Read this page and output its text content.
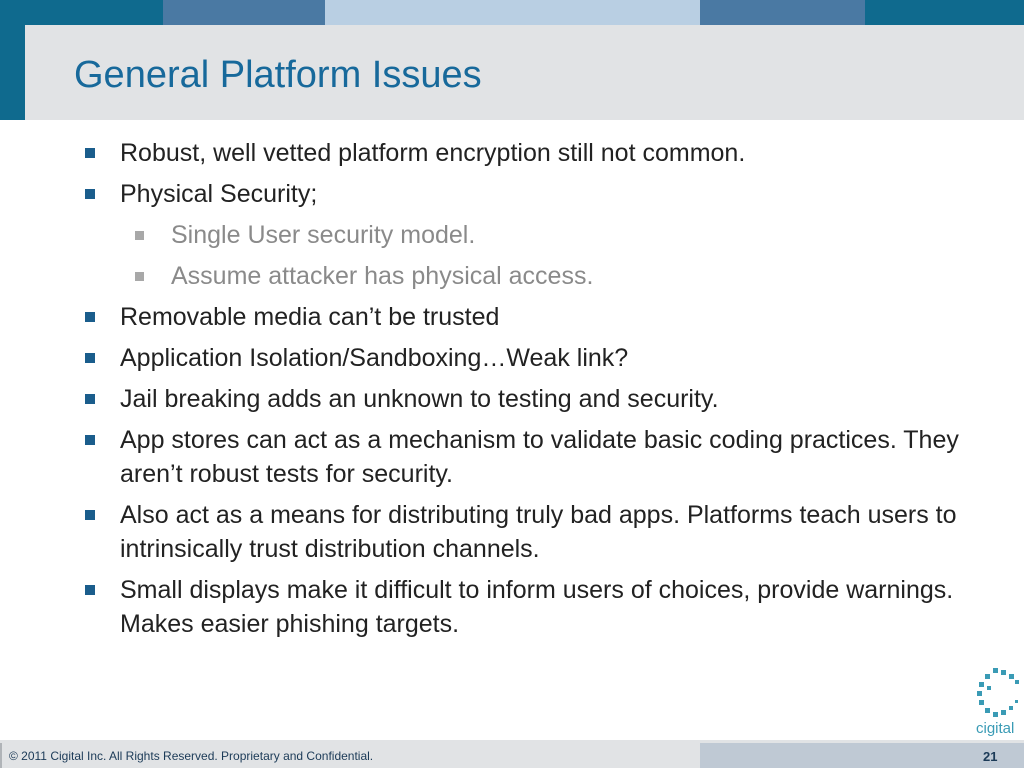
General Platform Issues
Robust, well vetted platform encryption still not common.
Physical Security;
Single User security model.
Assume attacker has physical access.
Removable media can’t be trusted
Application Isolation/Sandboxing…Weak link?
Jail breaking adds an unknown to testing and security.
App stores can act as a mechanism to validate basic coding practices. They aren’t robust tests for security.
Also act as a means for distributing truly bad apps. Platforms teach users to intrinsically trust distribution channels.
Small displays make it difficult to inform users of choices, provide warnings. Makes easier phishing targets.
© 2011 Cigital Inc. All Rights Reserved. Proprietary and Confidential.	21
cigital
